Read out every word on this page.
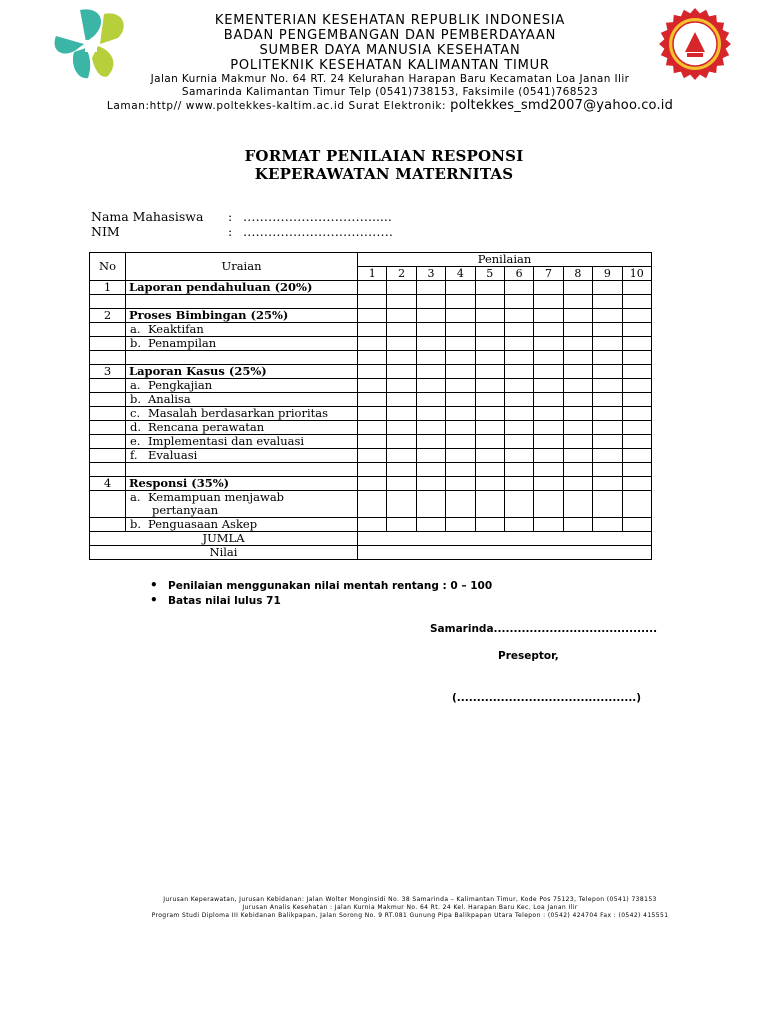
KEMENTERIAN KESEHATAN REPUBLIK INDONESIA
BADAN PENGEMBANGAN DAN PEMBERDAYAAN
SUMBER DAYA MANUSIA KESEHATAN
POLITEKNIK KESEHATAN KALIMANTAN TIMUR
Jalan Kurnia Makmur No. 64 RT. 24 Kelurahan Harapan Baru Kecamatan Loa Janan Ilir
Samarinda Kalimantan Timur Telp (0541)738153, Faksimile (0541)768523
Laman:http// www.poltekkes-kaltim.ac.id Surat Elektronik: poltekkes_smd2007@yahoo.co.id
FORMAT PENILAIAN RESPONSI
KEPERAWATAN MATERNITAS
Nama Mahasiswa : …………………………......
NIM	: ………………………………
No	Uraian	Penilaian									
		1	2	3	4	5	6	7	8	9	10
1	Laporan pendahuluan (20%)										

2	Proses Bimbingan (25%)										
	a. Keaktifan										
	b. Penampilan										

3	Laporan Kasus (25%)										
	a. Pengkajian										
	b. Analisa										
	c. Masalah berdasarkan prioritas										
	d. Rencana perawatan										
	e. Implementasi dan evaluasi										
	f. Evaluasi										

4	Responsi (35%)										
	a. Kemampuan menjawab
pertanyaan										

	b. Penguasaan Askep										
JUMLA											
Nilai											
• Penilaian menggunakan nilai mentah rentang : 0 – 100
• Batas nilai lulus 71
Samarinda.........................................
Preseptor,
(.............................................)
Jurusan Keperawatan, Jurusan Kebidanan: Jalan Wolter Monginsidi No. 38 Samarinda – Kalimantan Timur, Kode Pos 75123, Telepon (0541) 738153
Jurusan Analis Kesehatan : Jalan Kurnia Makmur No. 64 Rt. 24 Kel. Harapan Baru Kec. Loa Janan Ilir
Program Studi Diploma III Kebidanan Balikpapan, Jalan Sorong No. 9 RT.081 Gunung Pipa Balikpapan Utara Telepon : (0542) 424704 Fax : (0542) 415551
